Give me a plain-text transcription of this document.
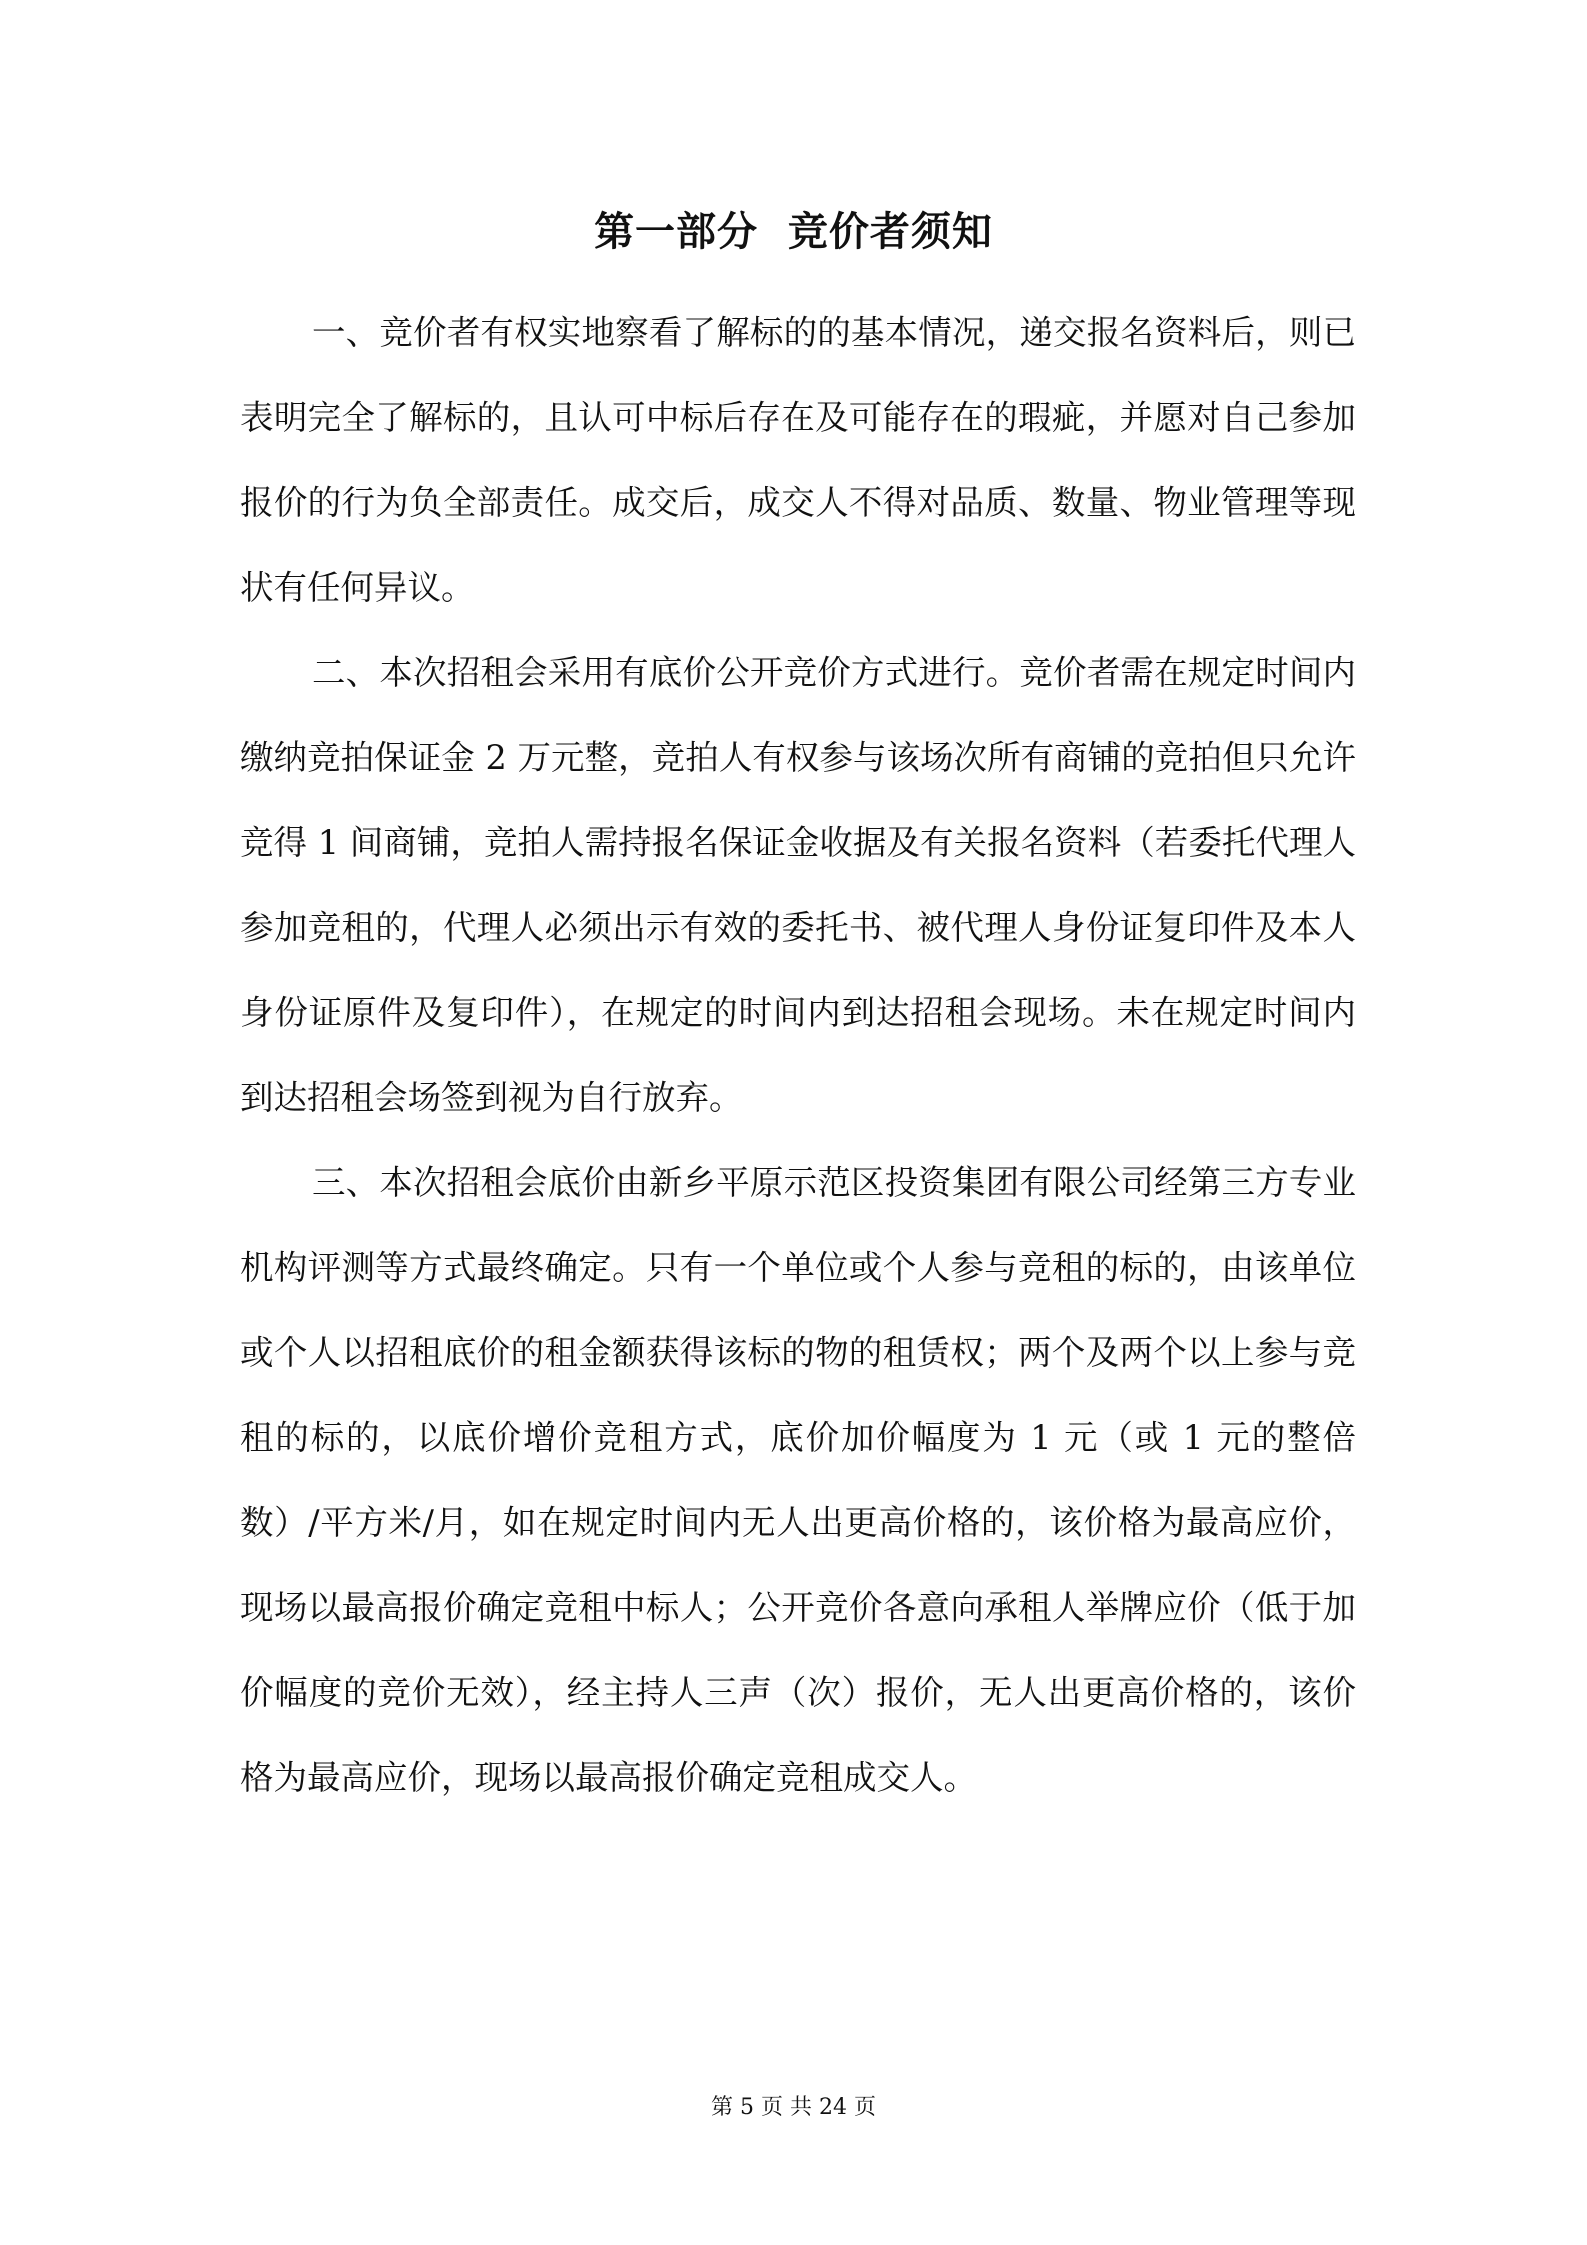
第一部分  竞价者须知

一、竞价者有权实地察看了解标的的基本情况，递交报名资料后，则已表明完全了解标的，且认可中标后存在及可能存在的瑕疵，并愿对自己参加报价的行为负全部责任。成交后，成交人不得对品质、数量、物业管理等现状有任何异议。

二、本次招租会采用有底价公开竞价方式进行。竞价者需在规定时间内缴纳竞拍保证金 2 万元整，竞拍人有权参与该场次所有商铺的竞拍但只允许竞得 1 间商铺，竞拍人需持报名保证金收据及有关报名资料（若委托代理人参加竞租的，代理人必须出示有效的委托书、被代理人身份证复印件及本人身份证原件及复印件），在规定的时间内到达招租会现场。未在规定时间内到达招租会场签到视为自行放弃。

三、本次招租会底价由新乡平原示范区投资集团有限公司经第三方专业机构评测等方式最终确定。只有一个单位或个人参与竞租的标的，由该单位或个人以招租底价的租金额获得该标的物的租赁权；两个及两个以上参与竞租的标的，以底价增价竞租方式，底价加价幅度为 1 元（或 1 元的整倍数）/平方米/月，如在规定时间内无人出更高价格的，该价格为最高应价，现场以最高报价确定竞租中标人；公开竞价各意向承租人举牌应价（低于加价幅度的竞价无效），经主持人三声（次）报价，无人出更高价格的，该价格为最高应价，现场以最高报价确定竞租成交人。

第 5 页 共 24 页
